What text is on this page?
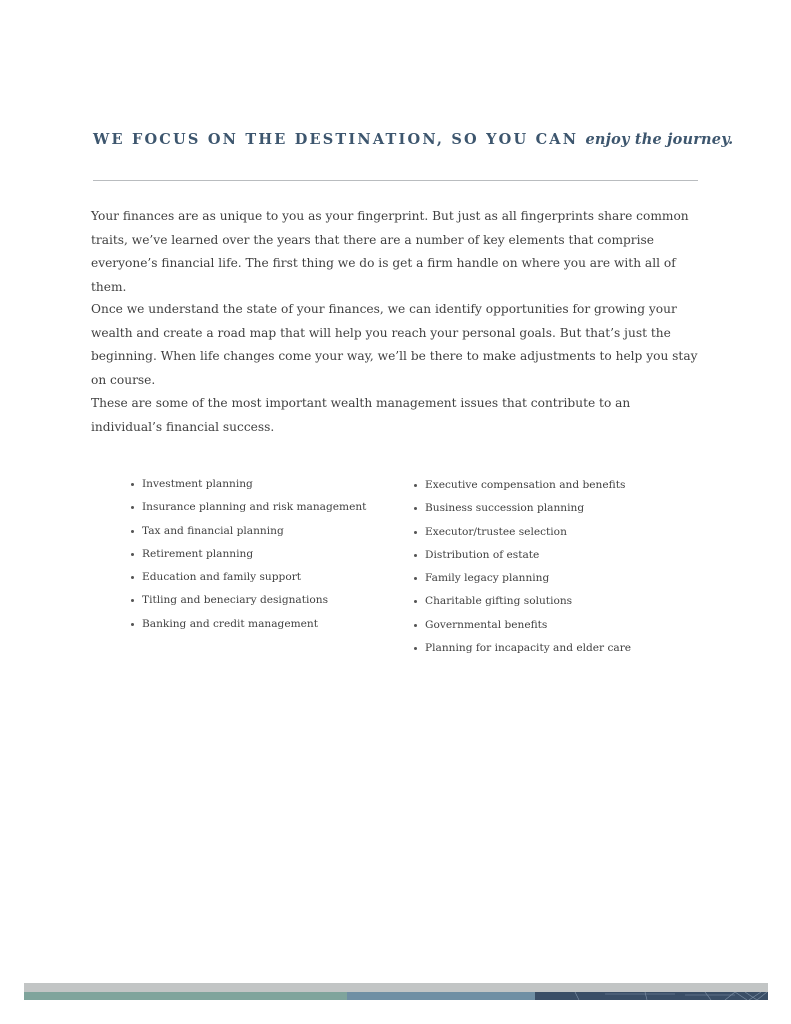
WE FOCUS ON THE DESTINATION, SO YOU CAN enjoy the journey.

Your finances are as unique to you as your fingerprint. But just as all fingerprints share common traits, we’ve learned over the years that there are a number of key elements that comprise everyone’s financial life. The first thing we do is get a firm handle on where you are with all of them.

Once we understand the state of your finances, we can identify opportunities for growing your wealth and create a road map that will help you reach your personal goals. But that’s just the beginning. When life changes come your way, we’ll be there to make adjustments to help you stay on course.

These are some of the most important wealth management issues that contribute to an individual’s financial success.

Investment planning
Insurance planning and risk management
Tax and financial planning
Retirement planning
Education and family support
Titling and beneciary designations
Banking and credit management
Executive compensation and benefits
Business succession planning
Executor/trustee selection
Distribution of estate
Family legacy planning
Charitable gifting solutions
Governmental benefits
Planning for incapacity and elder care
